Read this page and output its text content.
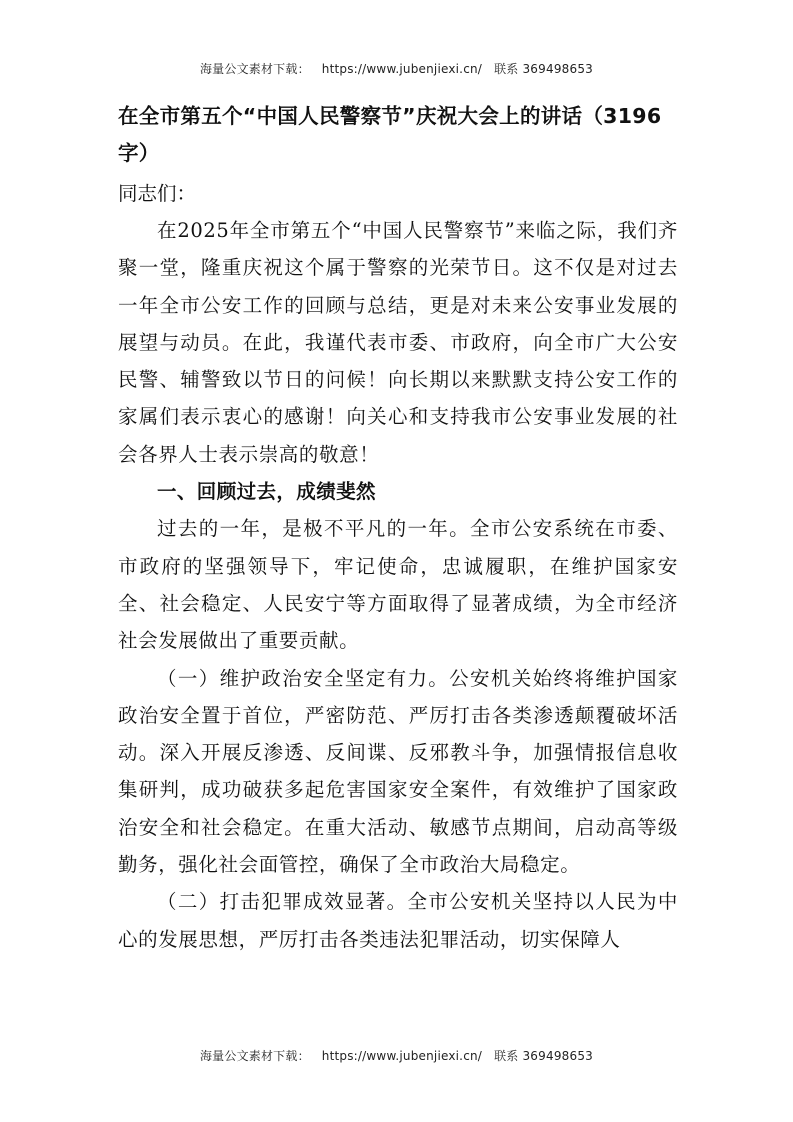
海量公文素材下载： https://www.jubenjiexi.cn/ 联系 369498653
在全市第五个“中国人民警察节”庆祝大会上的讲话（3196字）

同志们：

在2025年全市第五个“中国人民警察节”来临之际，我们齐聚一堂，隆重庆祝这个属于警察的光荣节日。这不仅是对过去一年全市公安工作的回顾与总结，更是对未来公安事业发展的展望与动员。在此，我谨代表市委、市政府，向全市广大公安民警、辅警致以节日的问候！向长期以来默默支持公安工作的家属们表示衷心的感谢！向关心和支持我市公安事业发展的社会各界人士表示崇高的敬意！

一、回顾过去，成绩斐然

过去的一年，是极不平凡的一年。全市公安系统在市委、市政府的坚强领导下，牢记使命，忠诚履职，在维护国家安全、社会稳定、人民安宁等方面取得了显著成绩，为全市经济社会发展做出了重要贡献。

（一）维护政治安全坚定有力。公安机关始终将维护国家政治安全置于首位，严密防范、严厉打击各类渗透颠覆破坏活动。深入开展反渗透、反间谍、反邪教斗争，加强情报信息收集研判，成功破获多起危害国家安全案件，有效维护了国家政治安全和社会稳定。在重大活动、敏感节点期间，启动高等级勤务，强化社会面管控，确保了全市政治大局稳定。

（二）打击犯罪成效显著。全市公安机关坚持以人民为中心的发展思想，严厉打击各类违法犯罪活动，切实保障人

海量公文素材下载： https://www.jubenjiexi.cn/ 联系 369498653
